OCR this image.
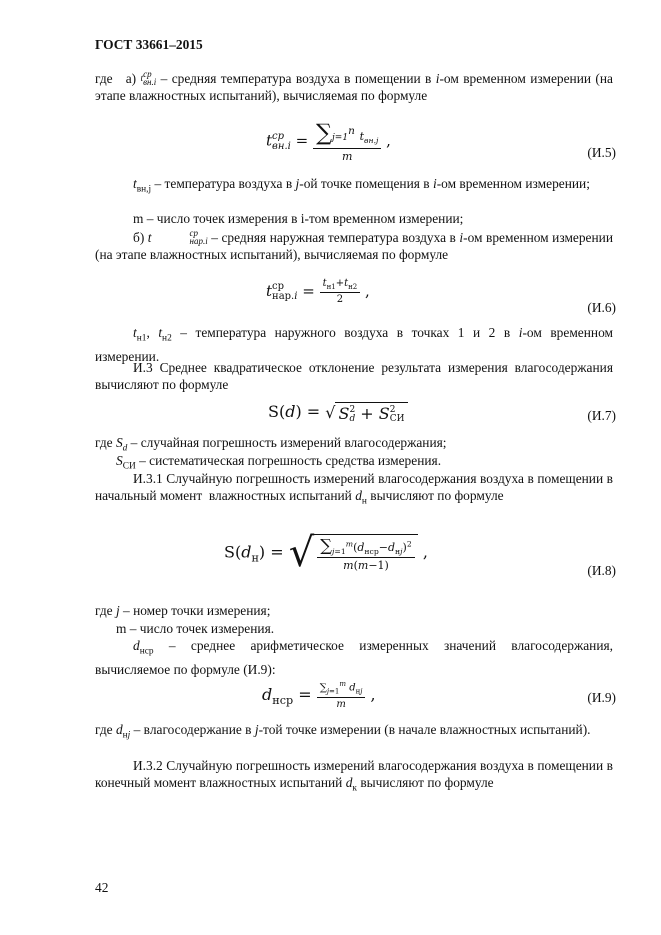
ГОСТ 33661–2015

где   а) t
ср
вн.i – средняя температура воздуха в помещении в i-ом временном измерении (на этапе влажностных испытаний), вычисляемая по формуле

t ср
$вн.i = \frac{\sum j=1^n t_{вн.j}}{m}$ ,
(И.5)

$t_{вн,j}$ – температура воздуха в j-ой точке помещения в i-ом временном измерении;

m – число точек измерения в i-том временном измерении;

б) t	ср
нар.i – средняя наружная температура воздуха в i-ом временном измерении (на этапе влажностных испытаний), вычисляемая по формуле

t ср
$нар.i = \frac{t_{н1}+t_{н2}}{2}$ ,
(И.6)

$t_{н1}$, $t_{н2}$ – температура наружного воздуха в точках 1 и 2 в i-ом временном измерении.

И.3 Среднее квадратическое отклонение результата измерения влагосодержания вычисляют по формуле

S(d) = √ S 2
d + S 2
СИ	(И.7)

где $S_d$ – случайная погрешность измерений влагосодержания;

$S_{СИ}$ – систематическая погрешность средства измерения.

И.3.1 Случайную погрешность измерений влагосодержания воздуха в помещении в начальный момент  влажностных испытаний $d_н$ вычисляют по формуле

$S(d_н)$ = √ $\frac{\sum_{j=1}^m(d_{нср}-d_{нj})^2}{m(m-1)}$ ,
(И.8)

где j – номер точки измерения;

m – число точек измерения.

$d_{нср}$ – среднее арифметическое измеренных значений влагосодержания, вычисляемое по формуле (И.9):

$d_{нср} = \frac{\sum_{j=1}^m d_{нj}}{m}$ ,	(И.9)

где $d_{нj}$ – влагосодержание в j-той точке измерении (в начале влажностных испытаний).

И.3.2 Случайную погрешность измерений влагосодержания воздуха в помещении в конечный момент влажностных испытаний $d_к$ вычисляют по формуле

42
